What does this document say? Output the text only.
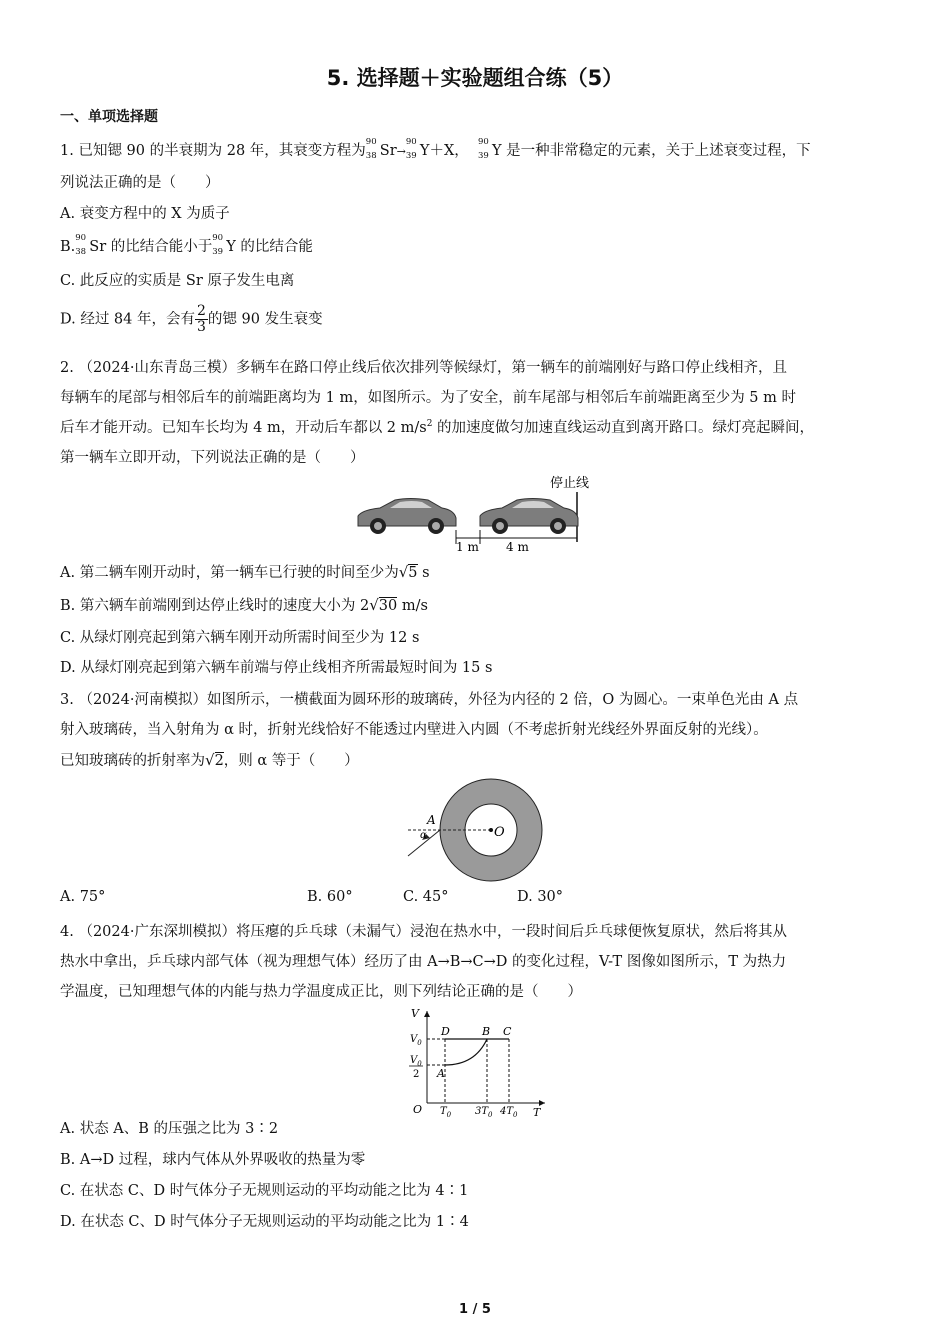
5. 选择题＋实验题组合练（5）
一、单项选择题
1. 已知锶 90 的半衰期为 28 年，其衰变方程为
90
38 Sr→
90
39 Y＋X，
90
39 Y 是一种非常稳定的元素，关于上述衰变过程，下
列说法正确的是（　　）
A. 衰变方程中的 X 为质子
B.
90
38 Sr 的比结合能小于
90
39 Y 的比结合能
C. 此反应的实质是 Sr 原子发生电离
D. 经过 84 年，会有 $\frac{2}{3}$ 的锶 90 发生衰变
2. （2024·山东青岛三模）多辆车在路口停止线后依次排列等候绿灯，第一辆车的前端刚好与路口停止线相齐，且
每辆车的尾部与相邻后车的前端距离均为 1 m，如图所示。为了安全，前车尾部与相邻后车前端距离至少为 5 m 时
后车才能开动。已知车长均为 4 m，开动后车都以 2 $m/s^2$ 的加速度做匀加速直线运动直到离开路口。绿灯亮起瞬间，
第一辆车立即开动，下列说法正确的是（　　）
停止线
1 m 4 m
A. 第二辆车刚开动时，第一辆车已行驶的时间至少为√5 s
B. 第六辆车前端刚到达停止线时的速度大小为 2√30 m/s
C. 从绿灯刚亮起到第六辆车刚开动所需时间至少为 12 s
D. 从绿灯刚亮起到第六辆车前端与停止线相齐所需最短时间为 15 s
3. （2024·河南模拟）如图所示，一横截面为圆环形的玻璃砖，外径为内径的 2 倍，O 为圆心。一束单色光由 A 点
射入玻璃砖，当入射角为 α 时，折射光线恰好不能透过内壁进入内圆（不考虑折射光线经外界面反射的光线）。
已知玻璃砖的折射率为√2，则 α 等于（　　）
A
α	O
A. 75°	B. 60°	C. 45°	D. 30°
4. （2024·广东深圳模拟）将压瘪的乒乓球（未漏气）浸泡在热水中，一段时间后乒乓球便恢复原状，然后将其从
热水中拿出，乒乓球内部气体（视为理想气体）经历了由 A→B→C→D 的变化过程，V-T 图像如图所示，T 为热力
学温度，已知理想气体的内能与热力学温度成正比，则下列结论正确的是（　　）
V
T
O
$V_0$
$V_0$
2
D	B C
A
$T_0$ $3T_0$ $4T_0$
A. 状态 A、B 的压强之比为 3∶2
B. A→D 过程，球内气体从外界吸收的热量为零
C. 在状态 C、D 时气体分子无规则运动的平均动能之比为 4∶1
D. 在状态 C、D 时气体分子无规则运动的平均动能之比为 1∶4
1 / 5
